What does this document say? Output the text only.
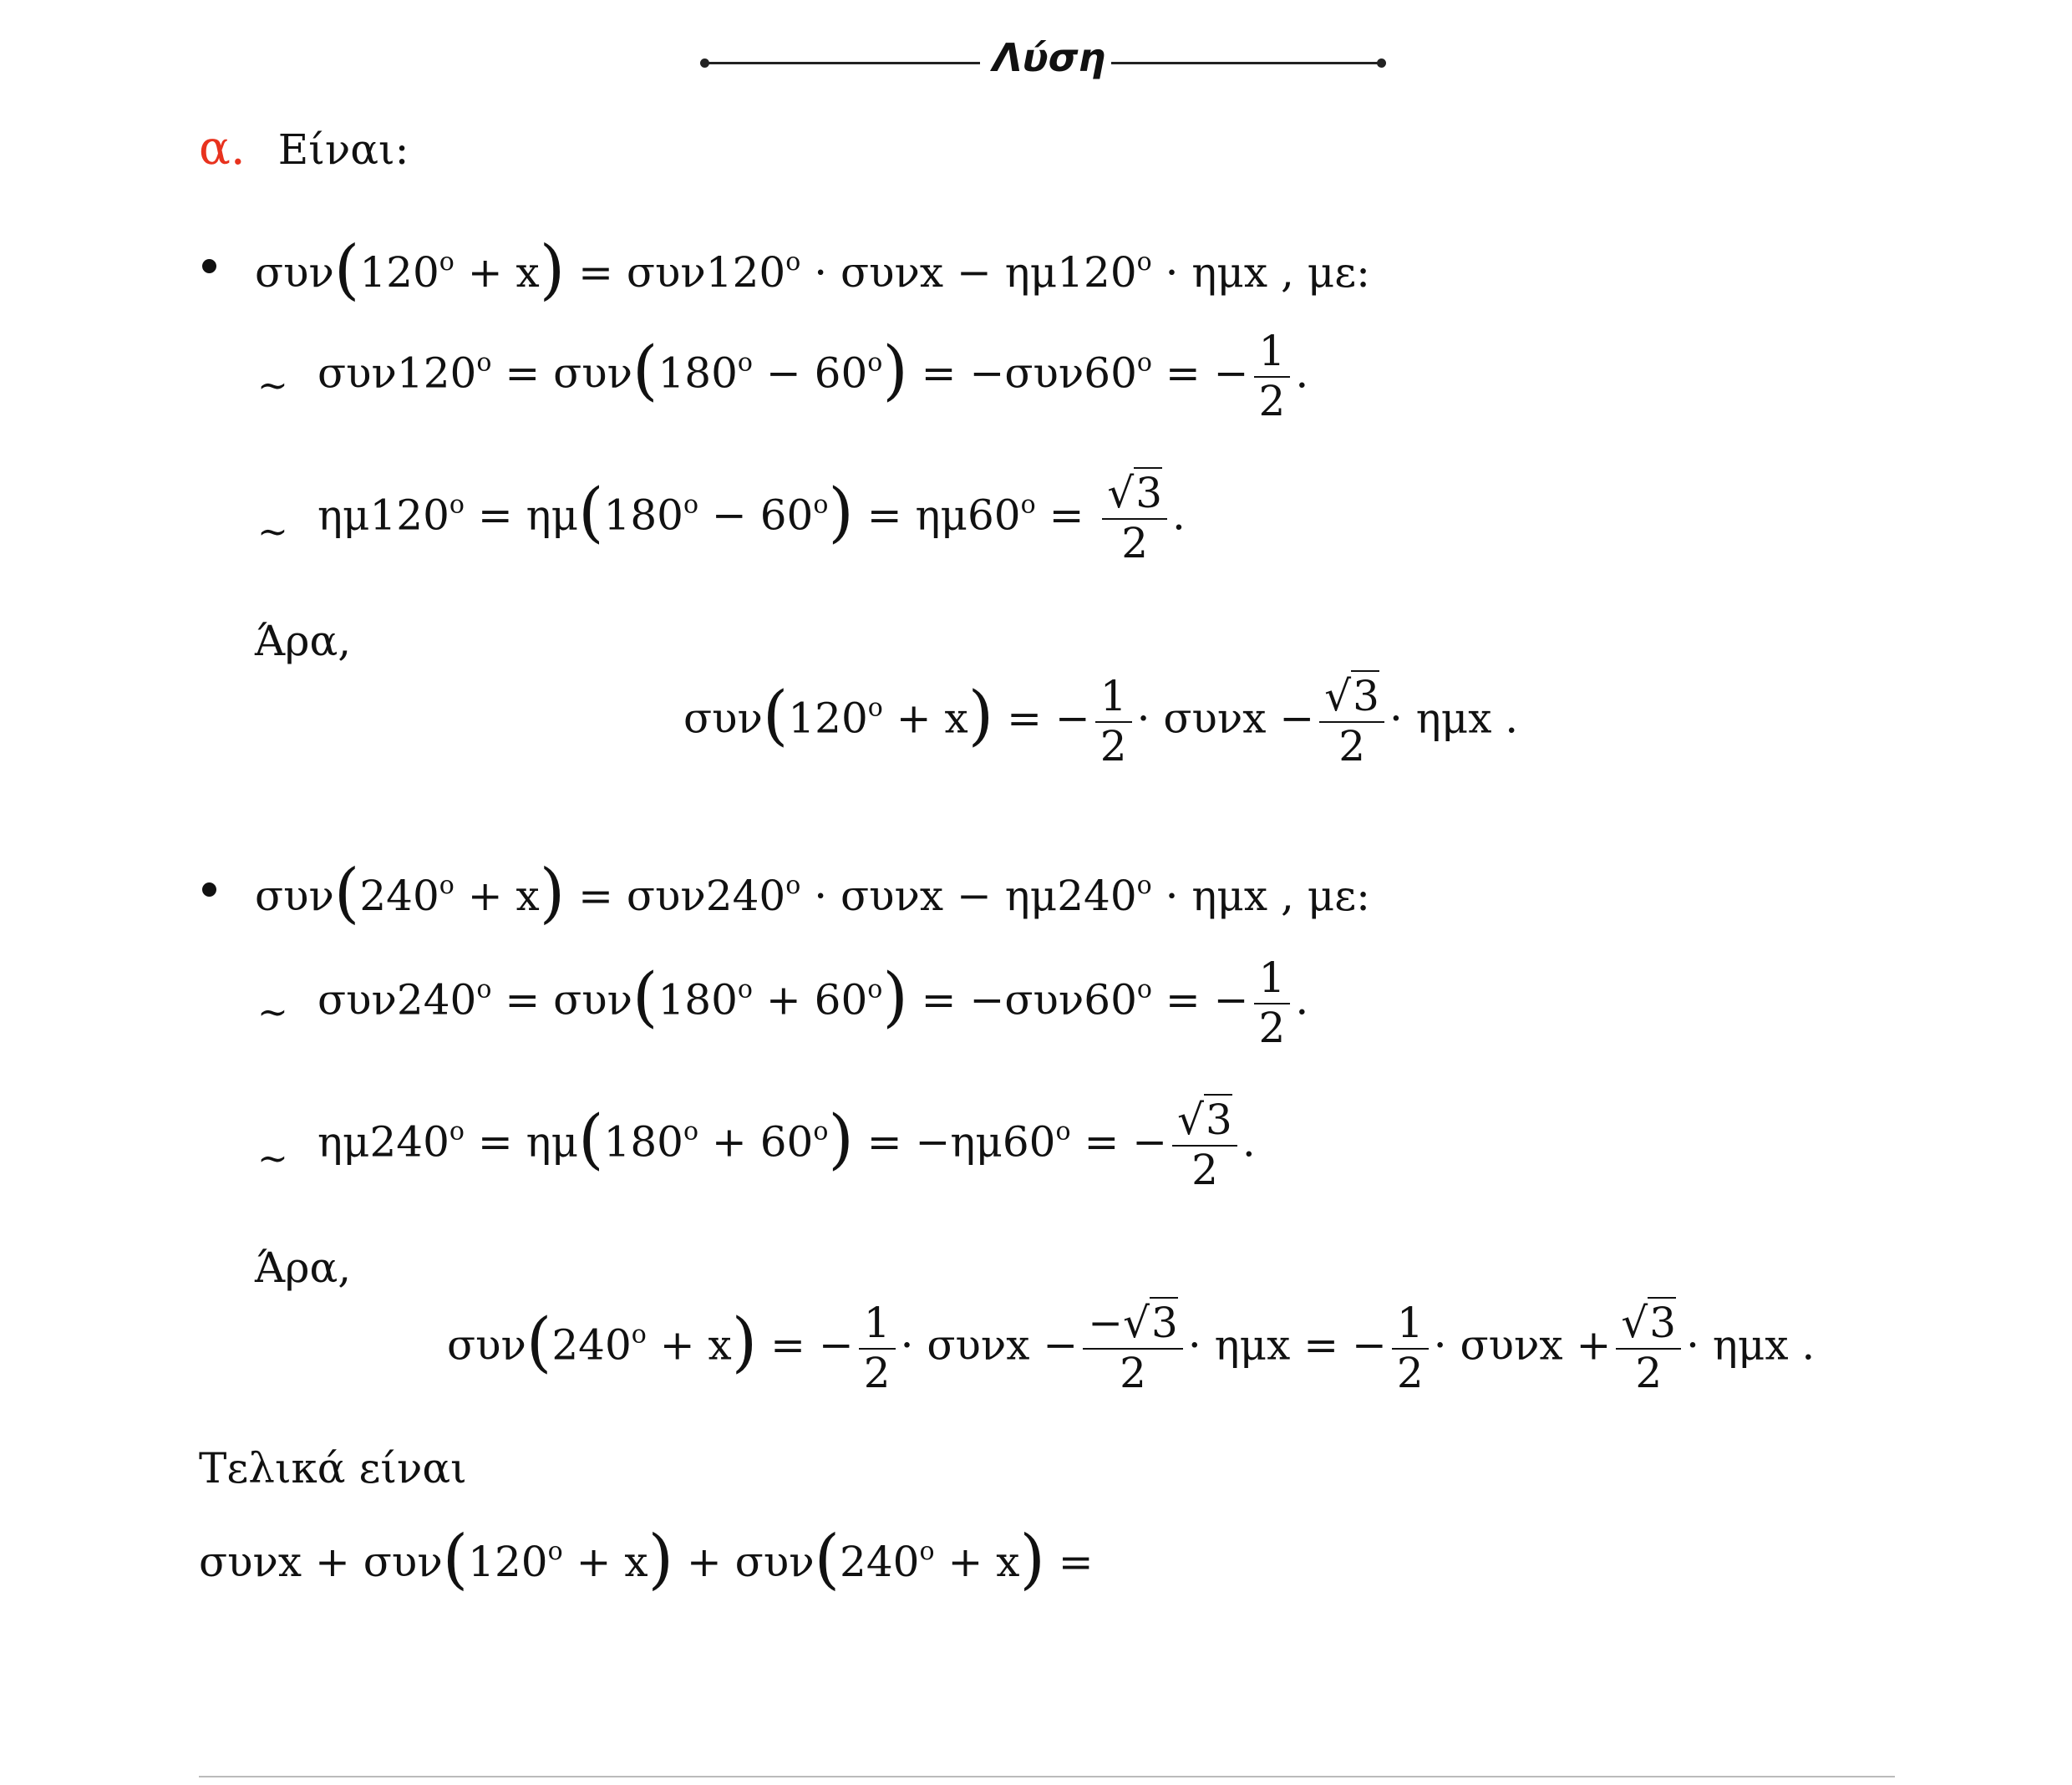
Λύση
α. Είναι:
$\sigma\upsilon\nu(120^o + x) = \sigma\upsilon\nu 120^o \cdot \sigma\upsilon\nu x - \eta\mu 120^o \cdot \eta\mu x$ , με:
~ $\sigma\upsilon\nu 120^o = \sigma\upsilon\nu(180^o - 60^o) = -\sigma\upsilon\nu 60^o$ = − $\frac{1}{2}$ .
~ $\eta\mu 120^o = \eta\mu(180^o - 60^o) = \eta\mu 60^o = \frac{√3}{2}$ .
Άρα,
$\sigma\upsilon\nu(120^o + x)$ = − $\frac{1}{2} \cdot \sigma\upsilon\nu x - \frac{√3}{2} \cdot \eta\mu x$ .
$\sigma\upsilon\nu(240^o + x) = \sigma\upsilon\nu 240^o \cdot \sigma\upsilon\nu x - \eta\mu 240^o \cdot \eta\mu x$ , με:
~ $\sigma\upsilon\nu 240^o = \sigma\upsilon\nu(180^o + 60^o) = -\sigma\upsilon\nu 60^o$ = − $\frac{1}{2}$ .
~ $\eta\mu 240^o = \eta\mu(180^o + 60^o) = -\eta\mu 60^o$ = − $\frac{√3}{2}$ .
Άρα,
$\sigma\upsilon\nu(240^o + x)$ = − $\frac{1}{2} \cdot \sigma\upsilon\nu x - \frac{-√3}{2} \cdot \eta\mu x$ = − $\frac{1}{2} \cdot \sigma\upsilon\nu x + \frac{√3}{2} \cdot \eta\mu x$ .
Τελικά είναι
$\sigma\upsilon\nu x + \sigma\upsilon\nu(120^o + x) + \sigma\upsilon\nu(240^o + x)$ =
